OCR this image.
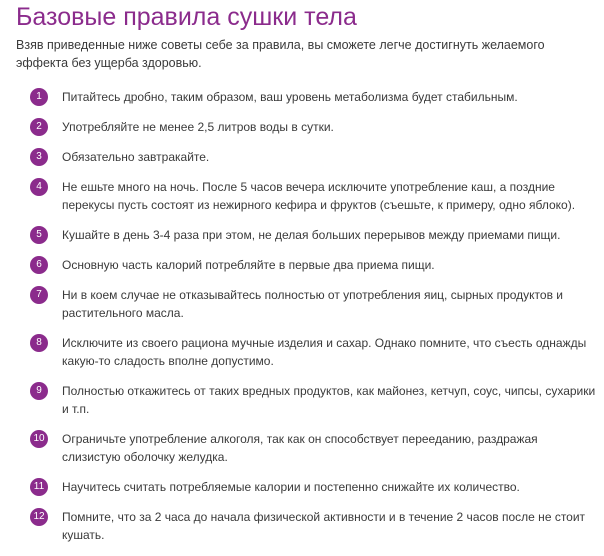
Базовые правила сушки тела

Взяв приведенные ниже советы себе за правила, вы сможете легче достигнуть желаемого эффекта без ущерба здоровью.

1	Питайтесь дробно, таким образом, ваш уровень метаболизма будет стабильным.
2	Употребляйте не менее 2,5 литров воды в сутки.
3	Обязательно завтракайте.
4	Не ешьте много на ночь. После 5 часов вечера исключите употребление каш, а поздние перекусы пусть состоят из нежирного кефира и фруктов (съешьте, к примеру, одно яблоко).
5	Кушайте в день 3-4 раза при этом, не делая больших перерывов между приемами пищи.
6	Основную часть калорий потребляйте в первые два приема пищи.
7	Ни в коем случае не отказывайтесь полностью от употребления яиц, сырных продуктов и растительного масла.
8	Исключите из своего рациона мучные изделия и сахар. Однако помните, что съесть однажды какую-то сладость вполне допустимо.
9	Полностью откажитесь от таких вредных продуктов, как майонез, кетчуп, соус, чипсы, сухарики и т.п.
10 Ограничьте употребление алкоголя, так как он способствует перееданию, раздражая слизистую оболочку желудка.
11	Научитесь считать потребляемые калории и постепенно снижайте их количество.
12 Помните, что за 2 часа до начала физической активности и в течение 2 часов после не стоит кушать.
